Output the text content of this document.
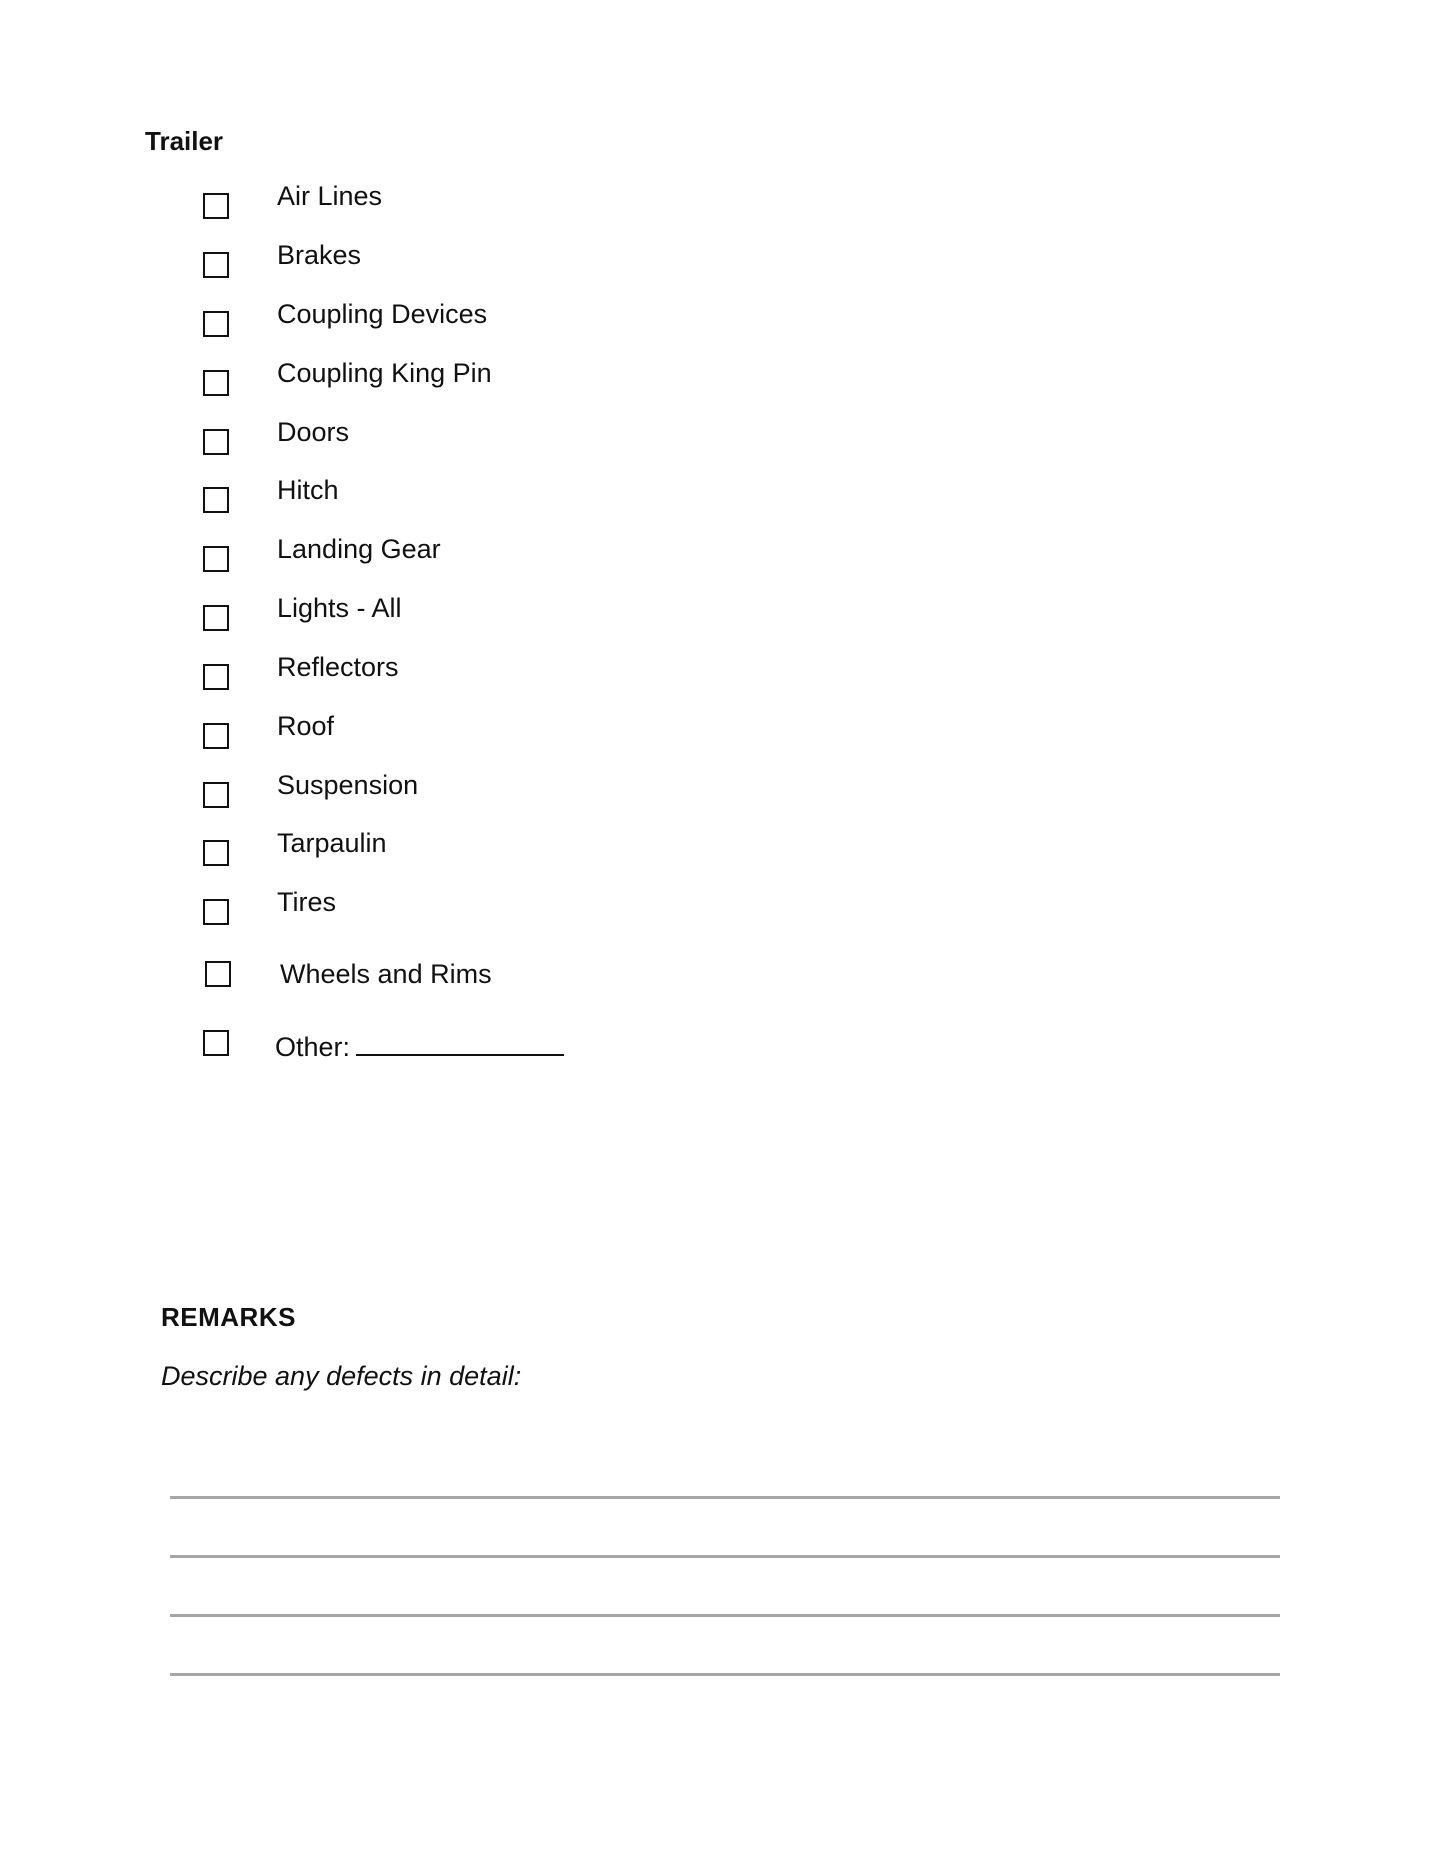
Trailer
Air Lines
Brakes
Coupling Devices
Coupling King Pin
Doors
Hitch
Landing Gear
Lights - All
Reflectors
Roof
Suspension
Tarpaulin
Tires
Wheels and Rims
Other:
REMARKS

Describe any defects in detail:
